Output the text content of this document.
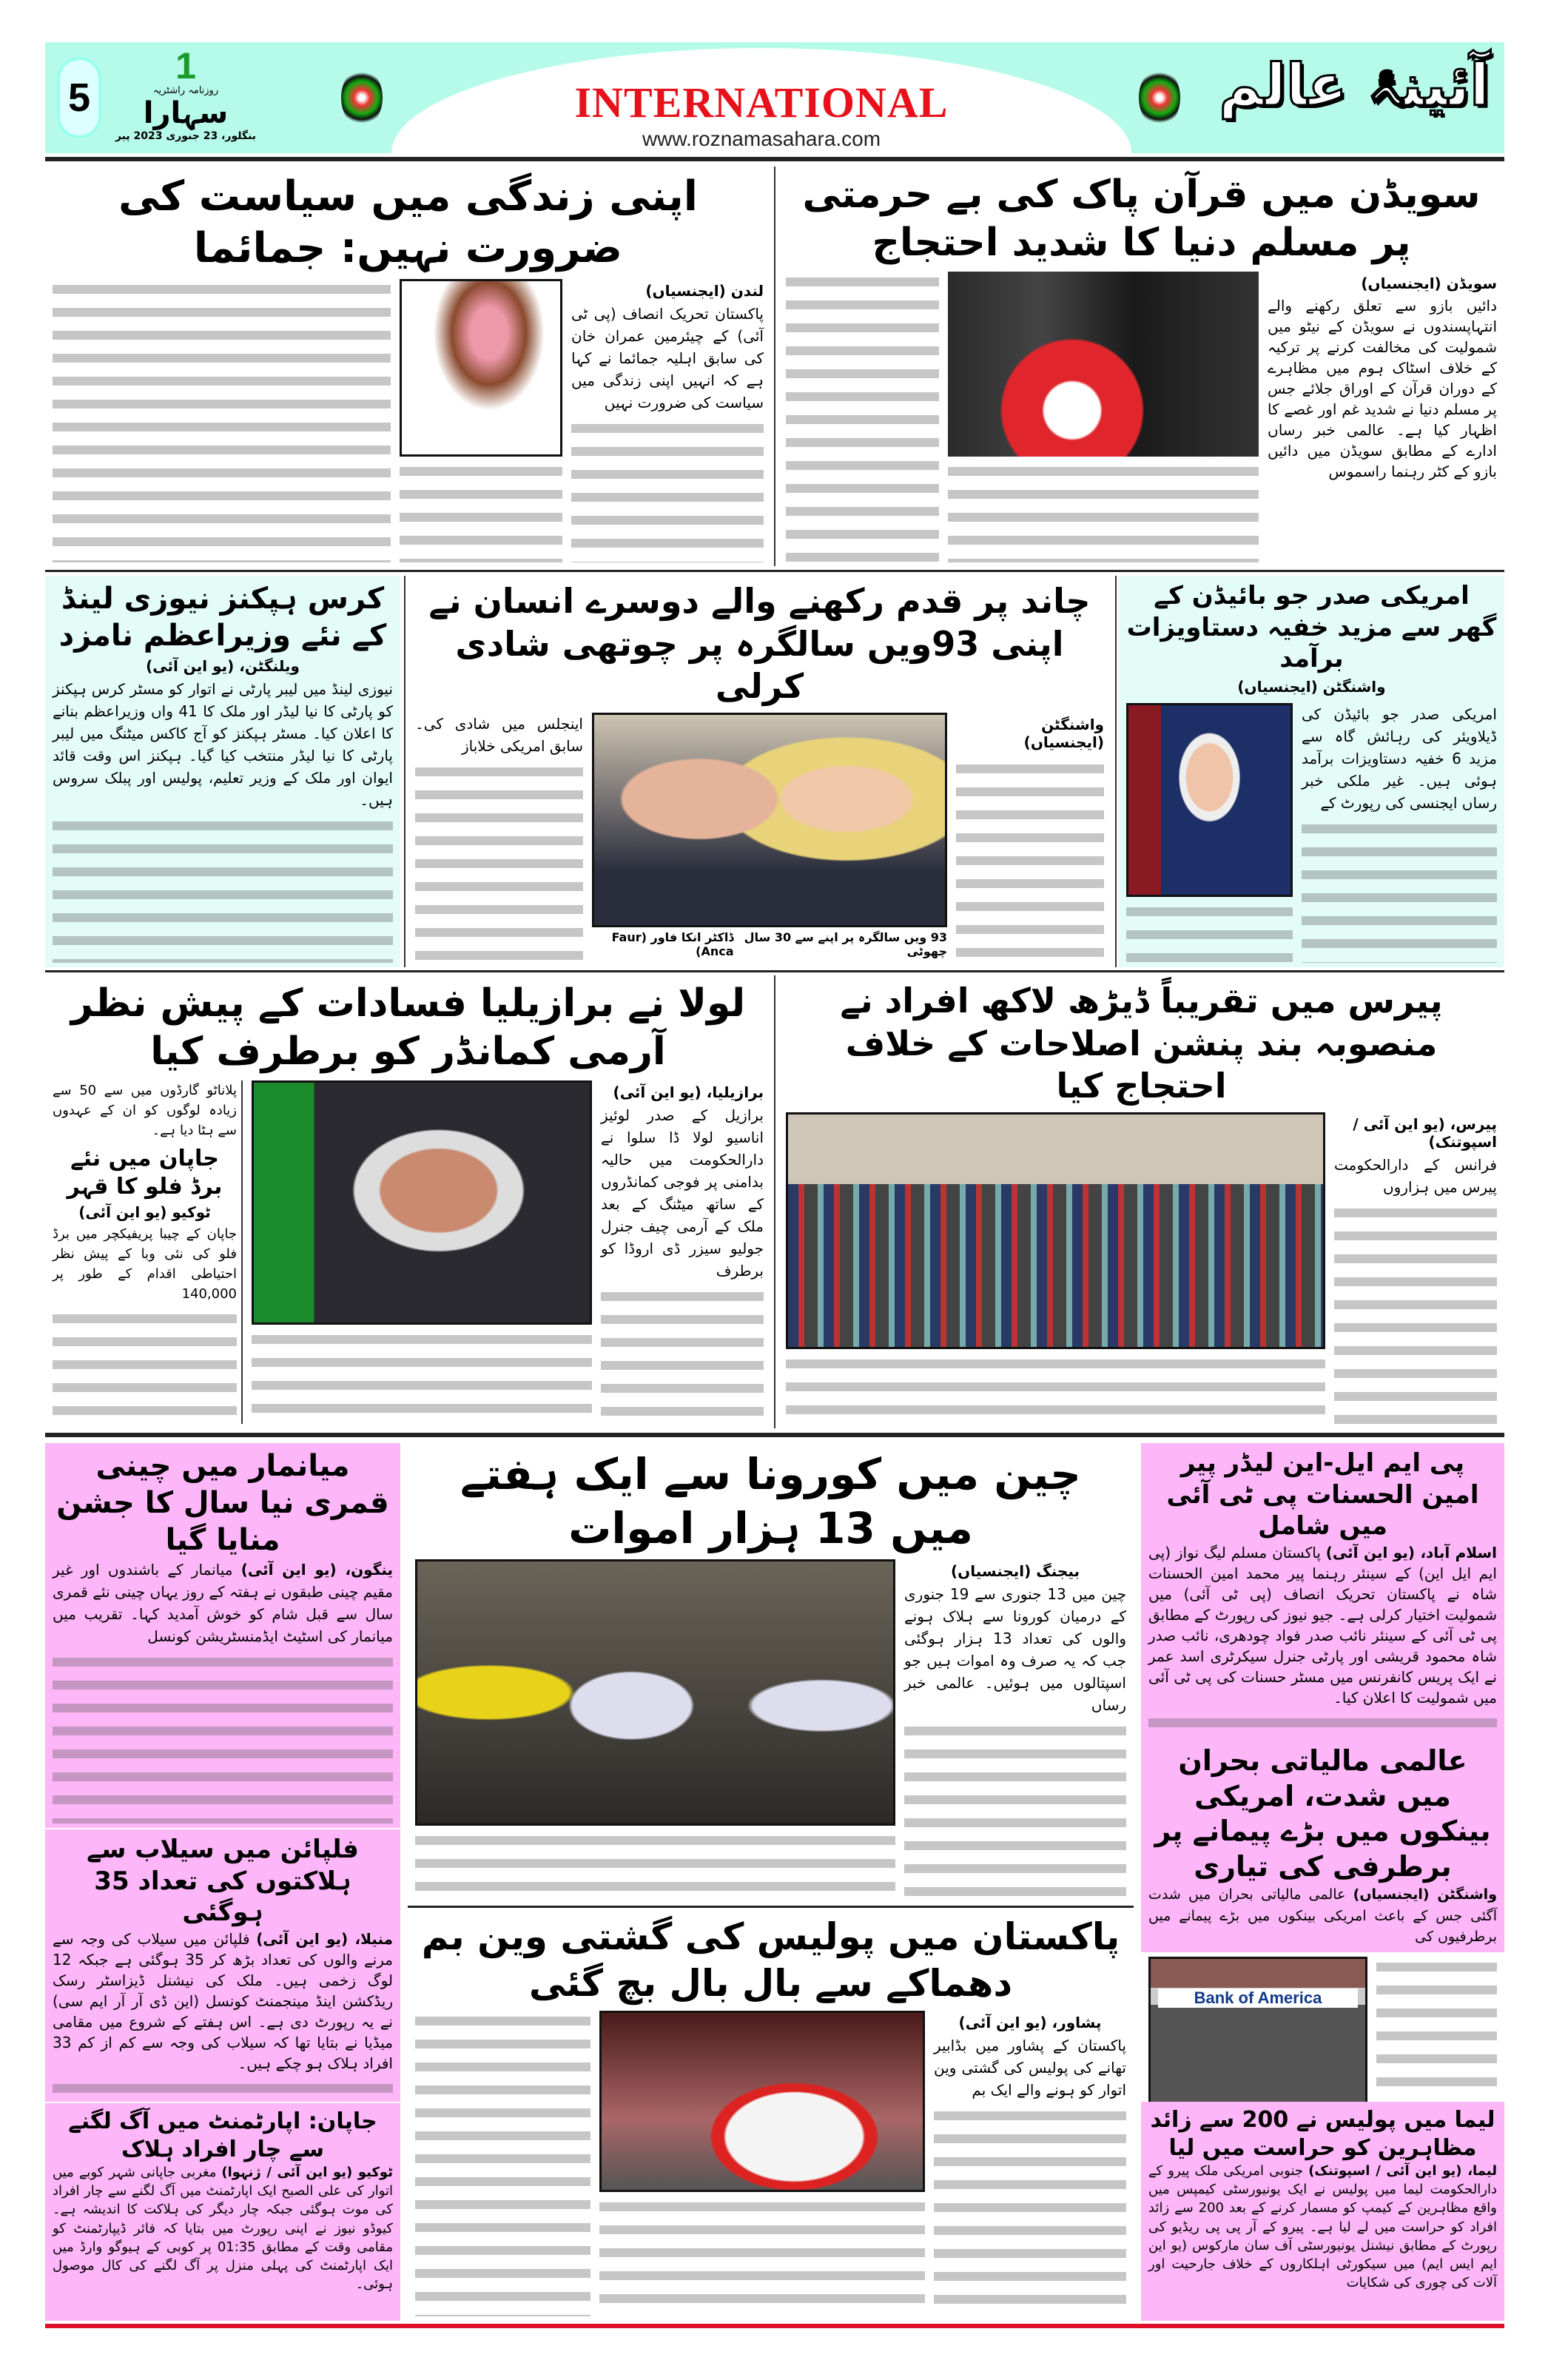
5
1
روزنامہ راشٹریہ
سہارا
بنگلور، 23 جنوری 2023 پیر
INTERNATIONAL
www.roznamasahara.com
آئینۂ عالم
اپنی زندگی میں سیاست کی ضرورت نہیں: جمائما
لندن (ایجنسیاں)
پاکستان تحریک انصاف (پی ٹی آئی) کے چیئرمین عمران خان کی سابق اہلیہ جمائما نے کہا ہے کہ انہیں اپنی زندگی میں سیاست کی ضرورت نہیں
سویڈن میں قرآن پاک کی بے حرمتی پر مسلم دنیا کا شدید احتجاج
سویڈن (ایجنسیاں)
دائیں بازو سے تعلق رکھنے والے انتہاپسندوں نے سویڈن کے نیٹو میں شمولیت کی مخالفت کرنے پر ترکیہ کے خلاف اسٹاک ہوم میں مظاہرے کے دوران قرآن کے اوراق جلائے جس پر مسلم دنیا نے شدید غم اور غصے کا اظہار کیا ہے۔ عالمی خبر رساں ادارے کے مطابق سویڈن میں دائیں بازو کے کٹر رہنما راسموس
کرس ہپکنز نیوزی لینڈ کے نئے وزیراعظم نامزد
ویلنگٹن، (یو این آئی)
نیوزی لینڈ میں لیبر پارٹی نے اتوار کو مسٹر کرس ہپکنز کو پارٹی کا نیا لیڈر اور ملک کا 41 واں وزیراعظم بنانے کا اعلان کیا۔ مسٹر ہپکنز کو آج کاکس میٹنگ میں لیبر پارٹی کا نیا لیڈر منتخب کیا گیا۔ ہپکنز اس وقت قائد ایوان اور ملک کے وزیر تعلیم، پولیس اور پبلک سروس ہیں۔
چاند پر قدم رکھنے والے دوسرے انسان نے اپنی 93ویں سالگرہ پر چوتھی شادی کرلی
واشنگٹن (ایجنسیاں)
93 ویں سالگرہ پر اپنے سے 30 سال چھوٹی
ڈاکٹر انکا فاور (Faur Anca)
اینجلس میں شادی کی۔ سابق امریکی خلاباز
امریکی صدر جو بائیڈن کے گھر سے مزید خفیہ دستاویزات برآمد
واشنگٹن (ایجنسیاں)
امریکی صدر جو بائیڈن کی ڈیلاویئر کی رہائش گاہ سے مزید 6 خفیہ دستاویزات برآمد ہوئی ہیں۔ غیر ملکی خبر رساں ایجنسی کی رپورٹ کے
لولا نے برازیلیا فسادات کے پیش نظر آرمی کمانڈر کو برطرف کیا
برازیلیا، (یو این آئی)
برازیل کے صدر لوئیز اناسیو لولا ڈا سلوا نے دارالحکومت میں حالیہ بدامنی پر فوجی کمانڈروں کے ساتھ میٹنگ کے بعد ملک کے آرمی چیف جنرل جولیو سیزر ڈی اروڈا کو برطرف
پلاناٹو گارڈوں میں سے 50 سے زیادہ لوگوں کو ان کے عہدوں سے ہٹا دیا ہے۔
جاپان میں نئے برڈ فلو کا قہر
ٹوکیو (یو این آئی)
جاپان کے چیبا پریفیکچر میں برڈ فلو کی نئی وبا کے پیش نظر احتیاطی اقدام کے طور پر 140,000
پیرس میں تقریباً ڈیڑھ لاکھ افراد نے منصوبہ بند پنشن اصلاحات کے خلاف احتجاج کیا
پیرس، (یو این آئی / اسپوتنک)
فرانس کے دارالحکومت پیرس میں ہزاروں
میانمار میں چینی قمری نیا سال کا جشن منایا گیا
ینگون، (یو این آئی) میانمار کے باشندوں اور غیر مقیم چینی طبقوں نے ہفتہ کے روز یہاں چینی نئے قمری سال سے قبل شام کو خوش آمدید کہا۔ تقریب میں میانمار کی اسٹیٹ ایڈمنسٹریشن کونسل
فلپائن میں سیلاب سے ہلاکتوں کی تعداد 35 ہوگئی
منیلا، (یو این آئی) فلپائن میں سیلاب کی وجہ سے مرنے والوں کی تعداد بڑھ کر 35 ہوگئی ہے جبکہ 12 لوگ زخمی ہیں۔ ملک کی نیشنل ڈیزاسٹر رسک ریڈکشن اینڈ مینجمنٹ کونسل (این ڈی آر آر ایم سی) نے یہ رپورٹ دی ہے۔ اس ہفتے کے شروع میں مقامی میڈیا نے بتایا تھا کہ سیلاب کی وجہ سے کم از کم 33 افراد ہلاک ہو چکے ہیں۔
جاپان: اپارٹمنٹ میں آگ لگنے سے چار افراد ہلاک
ٹوکیو (یو این آئی / ژنہوا) مغربی جاپانی شہر کوبے میں اتوار کی علی الصبح ایک اپارٹمنٹ میں آگ لگنے سے چار افراد کی موت ہوگئی جبکہ چار دیگر کی ہلاکت کا اندیشہ ہے۔ کیوڈو نیوز نے اپنی رپورٹ میں بتایا کہ فائر ڈیپارٹمنٹ کو مقامی وقت کے مطابق 01:35 پر کوبی کے ہیوگو وارڈ میں ایک اپارٹمنٹ کی پہلی منزل پر آگ لگنے کی کال موصول ہوئی۔
چین میں کورونا سے ایک ہفتے میں 13 ہزار اموات
بیجنگ (ایجنسیاں)
چین میں 13 جنوری سے 19 جنوری کے درمیان کورونا سے ہلاک ہونے والوں کی تعداد 13 ہزار ہوگئی جب کہ یہ صرف وہ اموات ہیں جو اسپتالوں میں ہوئیں۔ عالمی خبر رساں
پاکستان میں پولیس کی گشتی وین بم دھماکے سے بال بال بچ گئی
پشاور، (یو این آئی)
پاکستان کے پشاور میں بڈابیر تھانے کی پولیس کی گشتی وین اتوار کو ہونے والے ایک بم
پی ایم ایل-این لیڈر پیر امین الحسنات پی ٹی آئی میں شامل
اسلام آباد، (یو این آئی) پاکستان مسلم لیگ نواز (پی ایم ایل این) کے سینئر رہنما پیر محمد امین الحسنات شاہ نے پاکستان تحریک انصاف (پی ٹی آئی) میں شمولیت اختیار کرلی ہے۔ جیو نیوز کی رپورٹ کے مطابق پی ٹی آئی کے سینئر نائب صدر فواد چودھری، نائب صدر شاہ محمود قریشی اور پارٹی جنرل سیکرٹری اسد عمر نے ایک پریس کانفرنس میں مسٹر حسنات کی پی ٹی آئی میں شمولیت کا اعلان کیا۔
عالمی مالیاتی بحران میں شدت، امریکی بینکوں میں بڑے پیمانے پر برطرفی کی تیاری
واشنگٹن (ایجنسیاں) عالمی مالیاتی بحران میں شدت آگئی جس کے باعث امریکی بینکوں میں بڑے پیمانے میں برطرفیوں کی
Bank of America
لیما میں پولیس نے 200 سے زائد مظاہرین کو حراست میں لیا
لیما، (یو این آئی / اسپوتنک) جنوبی امریکی ملک پیرو کے دارالحکومت لیما میں پولیس نے ایک یونیورسٹی کیمپس میں واقع مظاہرین کے کیمپ کو مسمار کرنے کے بعد 200 سے زائد افراد کو حراست میں لے لیا ہے۔ پیرو کے آر پی پی ریڈیو کی رپورٹ کے مطابق نیشنل یونیورسٹی آف سان مارکوس (یو این ایم ایس ایم) میں سیکورٹی اہلکاروں کے خلاف جارحیت اور آلات کی چوری کی شکایات
